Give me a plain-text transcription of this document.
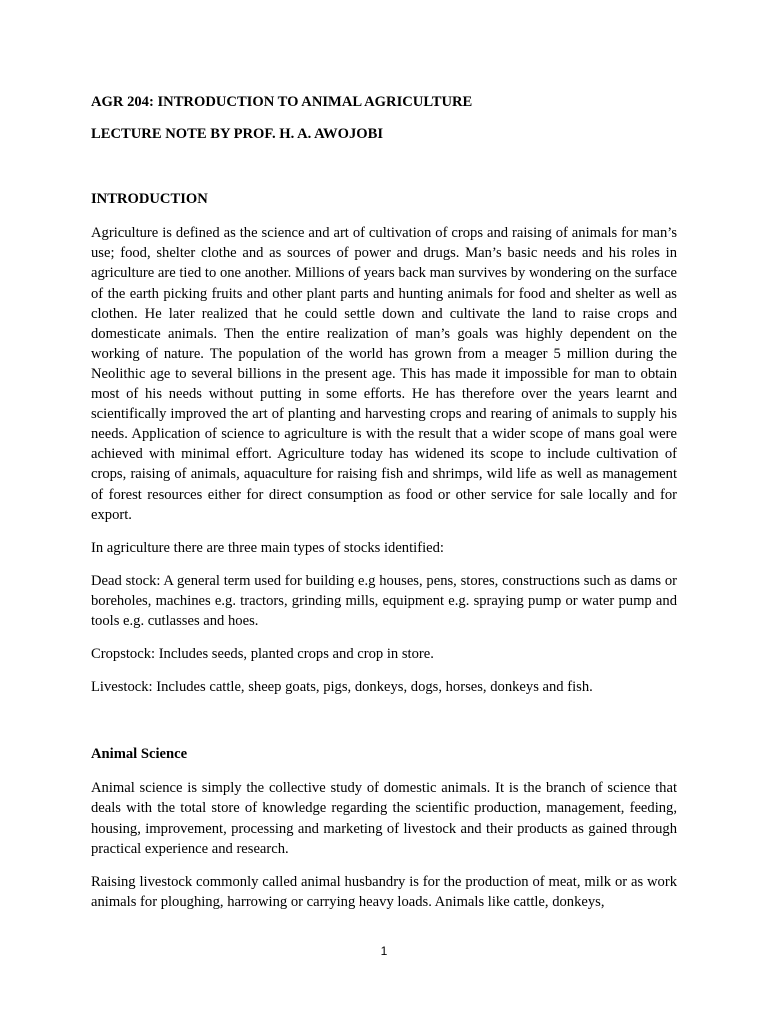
AGR 204: INTRODUCTION TO ANIMAL AGRICULTURE
LECTURE NOTE BY PROF. H. A. AWOJOBI
INTRODUCTION

Agriculture is defined as the science and art of cultivation of crops and raising of animals for man’s use; food, shelter clothe and as sources of power and drugs. Man’s basic needs and his roles in agriculture are tied to one another. Millions of years back man survives by wondering on the surface of the earth picking fruits and other plant parts and hunting animals for food and shelter as well as clothen. He later realized that he could settle down and cultivate the land to raise crops and domesticate animals. Then the entire realization of man’s goals was highly dependent on the working of nature. The population of the world has grown from a meager 5 million during the Neolithic age to several billions in the present age. This has made it impossible for man to obtain most of his needs without putting in some efforts. He has therefore over the years learnt and scientifically improved the art of planting and harvesting crops and rearing of animals to supply his needs. Application of science to agriculture is with the result that a wider scope of mans goal were achieved with minimal effort. Agriculture today has widened its scope to include cultivation of crops, raising of animals, aquaculture for raising fish and shrimps, wild life as well as management of forest resources either for direct consumption as food or other service for sale locally and for export.

In agriculture there are three main types of stocks identified:

Dead stock: A general term used for building e.g houses, pens, stores, constructions such as dams or boreholes, machines e.g. tractors, grinding mills, equipment e.g. spraying pump or water pump and tools e.g. cutlasses and hoes.

Cropstock: Includes seeds, planted crops and crop in store.

Livestock: Includes cattle, sheep goats, pigs, donkeys, dogs, horses, donkeys and fish.

Animal Science

Animal science is simply the collective study of domestic animals. It is the branch of science that deals with the total store of knowledge regarding the scientific production, management, feeding, housing, improvement, processing and marketing of livestock and their products as gained through practical experience and research.

Raising livestock commonly called animal husbandry is for the production of meat, milk or as work animals for ploughing, harrowing or carrying heavy loads. Animals like cattle, donkeys,

1
